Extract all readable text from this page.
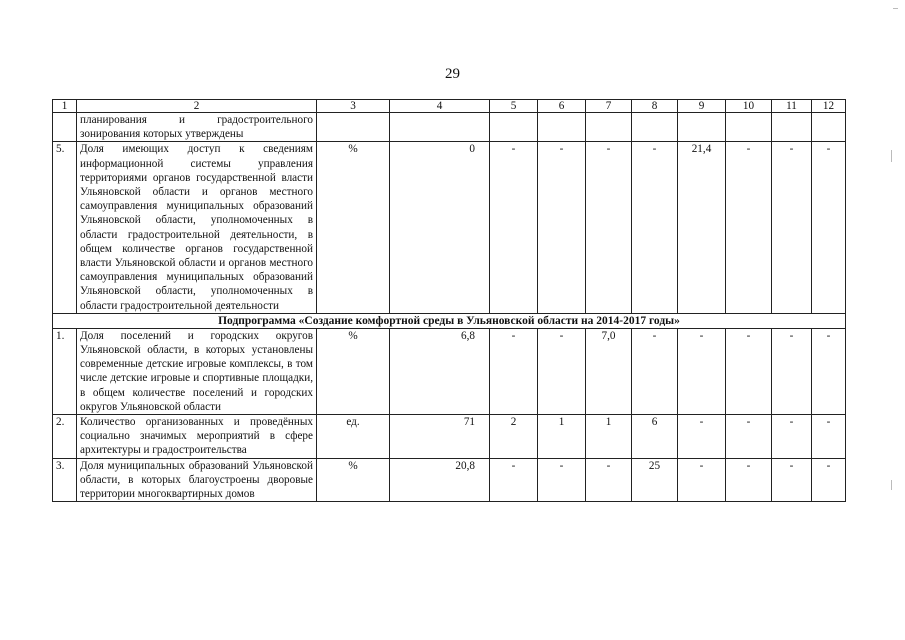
29
1	2	3	4	5	6	7	8	9	10	11	12
	планирования и градостроительного зонирования которых утверждены										
5.	Доля имеющих доступ к сведениям информационной системы управления территориями органов государственной власти Ульяновской области и органов местного самоуправления муниципальных образований Ульяновской области, уполномоченных в области градостроительной деятельности, в общем количестве органов государственной власти Ульяновской области и органов местного самоуправления муниципальных образований Ульяновской области, уполномоченных в области градостроительной деятельности	%	0	-	-	-	-	21,4	-	-	-
Подпрограмма «Создание комфортной среды в Ульяновской области на 2014-2017 годы»											
1.	Доля поселений и городских округов Ульяновской области, в которых установлены современные детские игровые комплексы, в том числе детские игровые и спортивные площадки, в общем количестве поселений и городских округов Ульяновской области	%	6,8	-	-	7,0	-	-	-	-	-
2.	Количество организованных и проведённых социально значимых мероприятий в сфере архитектуры и градостроительства	ед.	71	2	1	1	6	-	-	-	-
3.	Доля муниципальных образований Ульяновской области, в которых благоустроены дворовые территории многоквартирных домов	%	20,8	-	-	-	25	-	-	-	-
